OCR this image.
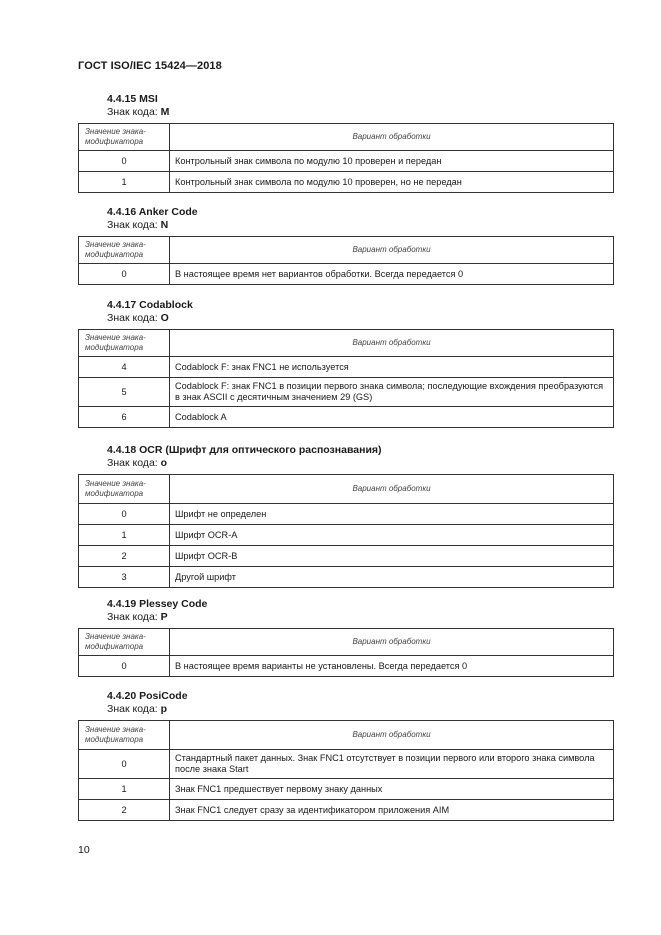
ГОСТ ISO/IEC 15424—2018
4.4.15 MSI
Знак кода: M
Значение знака-
модификатора	Вариант обработки
0	Контрольный знак символа по модулю 10 проверен и передан
1	Контрольный знак символа по модулю 10 проверен, но не передан
4.4.16 Anker Code
Знак кода: N
Значение знака-
модификатора	Вариант обработки
0	В настоящее время нет вариантов обработки. Всегда передается 0
4.4.17 Codablock
Знак кода: O
Значение знака-
модификатора	Вариант обработки
4	Codablock F: знак FNC1 не используется
5	Codablock F: знак FNC1 в позиции первого знака символа; последующие вхождения преобразуются в знак ASCII с десятичным значением 29 (GS)
6	Codablock A
4.4.18 OCR (Шрифт для оптического распознавания)
Знак кода: o
Значение знака-
модификатора	Вариант обработки
0	Шрифт не определен
1	Шрифт OCR-A
2	Шрифт OCR-B
3	Другой шрифт
4.4.19 Plessey Code
Знак кода: P
Значение знака-
модификатора	Вариант обработки
0	В настоящее время варианты не установлены. Всегда передается 0
4.4.20 PosiCode
Знак кода: p
Значение знака-
модификатора	Вариант обработки
0	Стандартный пакет данных. Знак FNC1 отсутствует в позиции первого или второго знака символа после знака Start
1	Знак FNC1 предшествует первому знаку данных
2	Знак FNC1 следует сразу за идентификатором приложения AIM
10
